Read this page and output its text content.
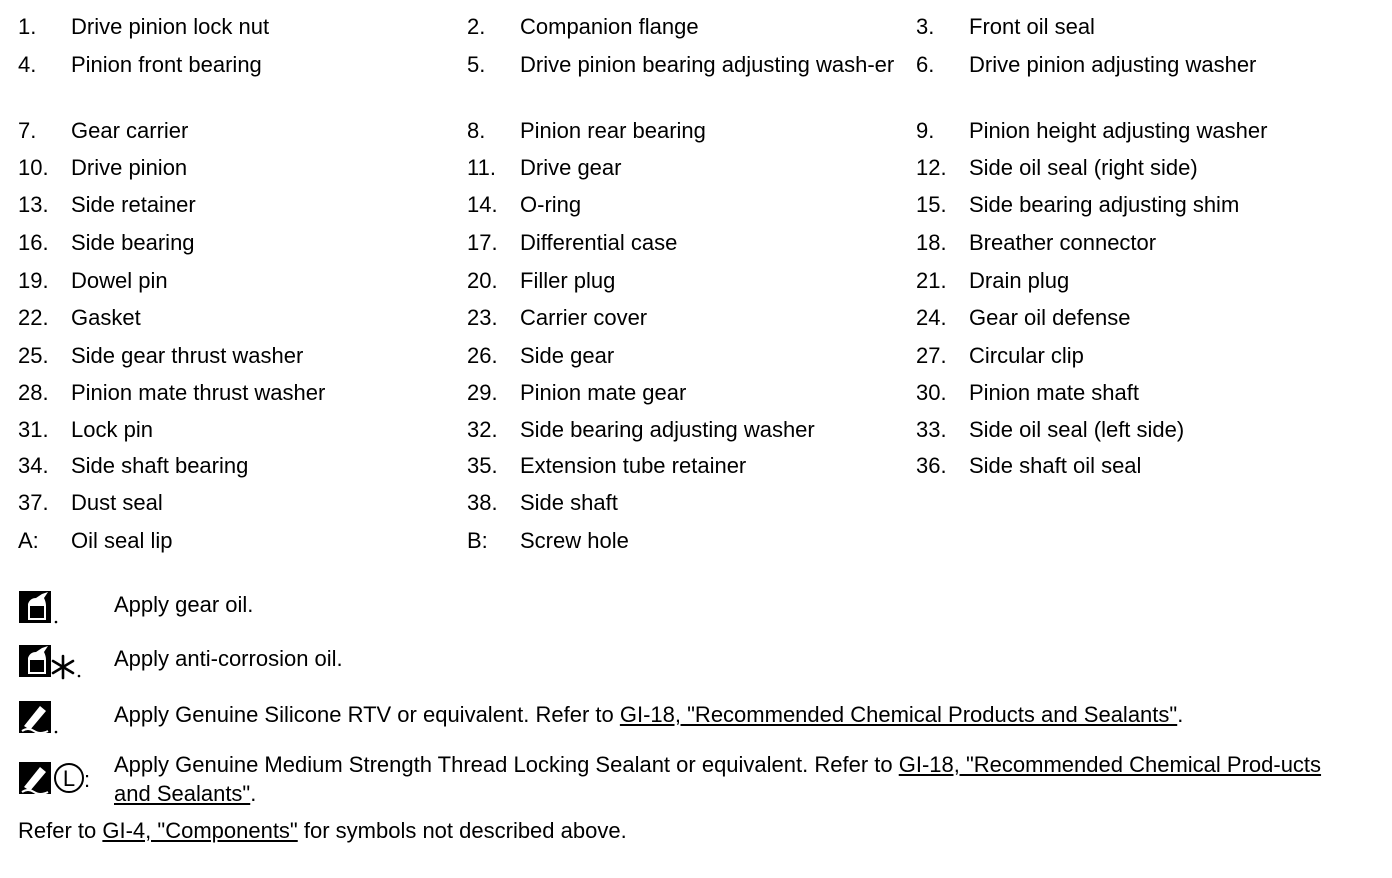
1. Drive pinion lock nut	2. Companion flange	3. Front oil seal
4. Pinion front bearing	5. Drive pinion bearing adjusting wash-er 6. Drive pinion adjusting washer
7. Gear carrier	8. Pinion rear bearing	9. Pinion height adjusting washer
10. Drive pinion	11. Drive gear	12. Side oil seal (right side)
13. Side retainer	14. O-ring	15. Side bearing adjusting shim
16. Side bearing	17. Differential case	18. Breather connector
19. Dowel pin	20. Filler plug	21. Drain plug
22. Gasket	23. Carrier cover	24. Gear oil defense
25. Side gear thrust washer	26. Side gear	27. Circular clip
28. Pinion mate thrust washer	29. Pinion mate gear	30. Pinion mate shaft
31. Lock pin	32. Side bearing adjusting washer	33. Side oil seal (left side)
34. Side shaft bearing	35. Extension tube retainer	36. Side shaft oil seal
37. Dust seal	38. Side shaft
A: Oil seal lip	B: Screw hole
Apply gear oil.
Apply anti-corrosion oil.
Apply Genuine Silicone RTV or equivalent. Refer to GI-18, "Recommended Chemical Products and Sealants".
L :
Apply Genuine Medium Strength Thread Locking Sealant or equivalent. Refer to GI-18, "Recommended Chemical Prod-ucts and Sealants".
Refer to GI-4, "Components" for symbols not described above.
